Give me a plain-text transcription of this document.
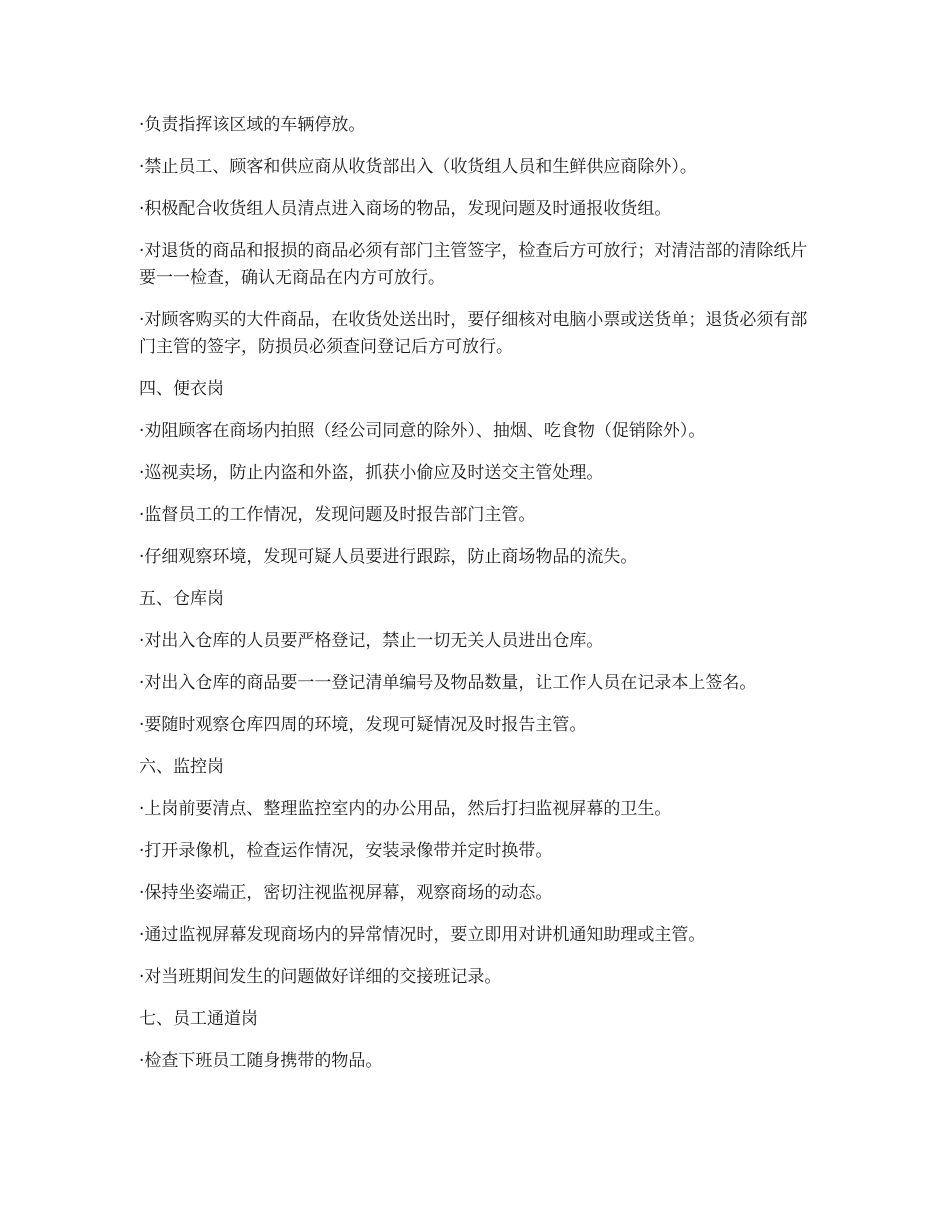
·负责指挥该区域的车辆停放。

·禁止员工、顾客和供应商从收货部出入（收货组人员和生鲜供应商除外）。

·积极配合收货组人员清点进入商场的物品，发现问题及时通报收货组。

·对退货的商品和报损的商品必须有部门主管签字，检查后方可放行；对清洁部的清除纸片要一一检查，确认无商品在内方可放行。

·对顾客购买的大件商品，在收货处送出时，要仔细核对电脑小票或送货单；退货必须有部门主管的签字，防损员必须查问登记后方可放行。

四、便衣岗

·劝阻顾客在商场内拍照（经公司同意的除外）、抽烟、吃食物（促销除外）。

·巡视卖场，防止内盗和外盗，抓获小偷应及时送交主管处理。

·监督员工的工作情况，发现问题及时报告部门主管。

·仔细观察环境，发现可疑人员要进行跟踪，防止商场物品的流失。

五、仓库岗

·对出入仓库的人员要严格登记，禁止一切无关人员进出仓库。

·对出入仓库的商品要一一登记清单编号及物品数量，让工作人员在记录本上签名。

·要随时观察仓库四周的环境，发现可疑情况及时报告主管。

六、监控岗

·上岗前要清点、整理监控室内的办公用品，然后打扫监视屏幕的卫生。

·打开录像机，检查运作情况，安装录像带并定时换带。

·保持坐姿端正，密切注视监视屏幕，观察商场的动态。

·通过监视屏幕发现商场内的异常情况时，要立即用对讲机通知助理或主管。

·对当班期间发生的问题做好详细的交接班记录。

七、员工通道岗

·检查下班员工随身携带的物品。
